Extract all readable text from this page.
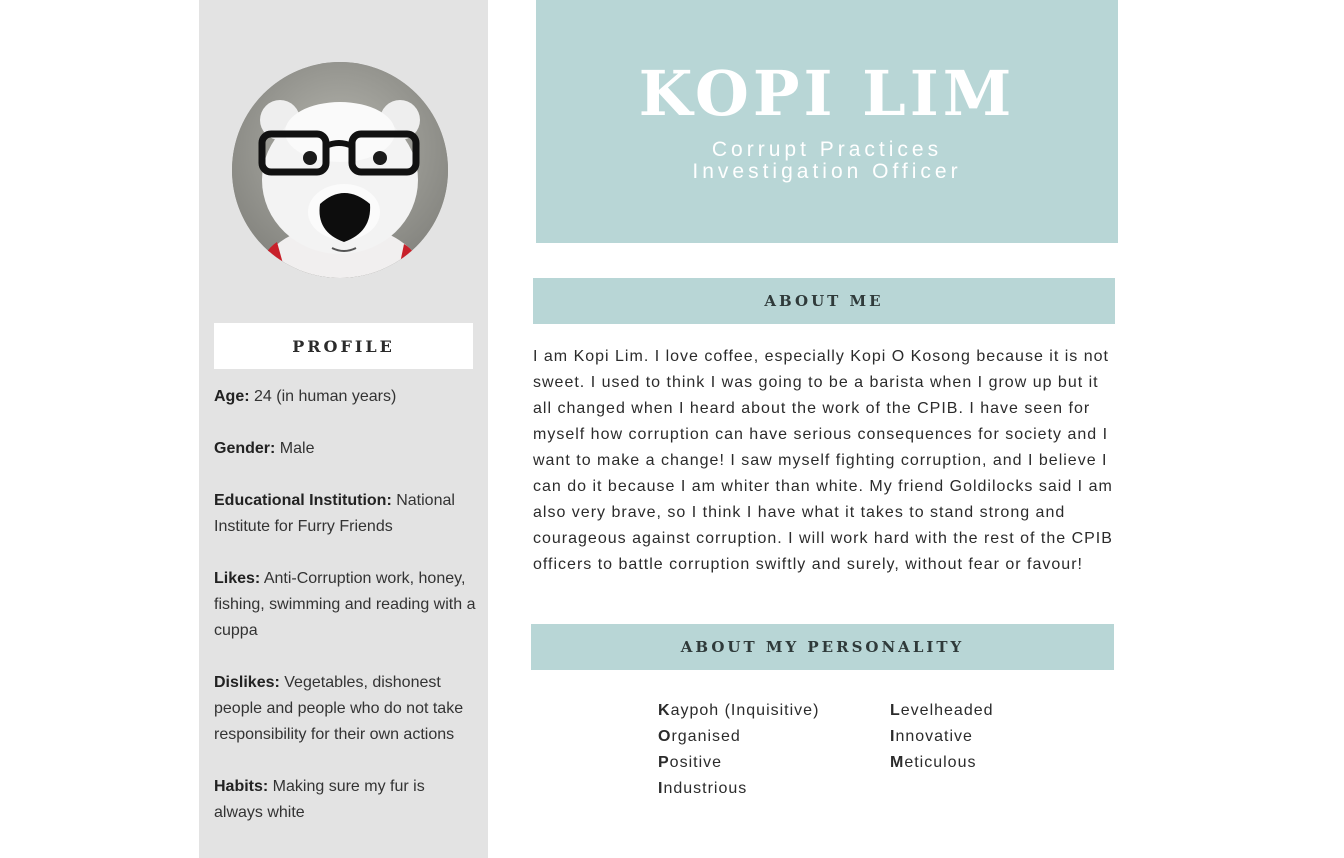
PROFILE
Age: 24 (in human years)
Gender: Male
Educational Institution: National Institute for Furry Friends
Likes: Anti-Corruption work, honey, fishing, swimming and reading with a cuppa
Dislikes: Vegetables, dishonest people and people who do not take responsibility for their own actions
Habits: Making sure my fur is always white
KOPI LIM
Corrupt Practices
Investigation Officer
ABOUT ME
I am Kopi Lim. I love coffee, especially Kopi O Kosong because it is not sweet. I used to think I was going to be a barista when I grow up but it all changed when I heard about the work of the CPIB. I have seen for myself how corruption can have serious consequences for society and I want to make a change! I saw myself fighting corruption, and I believe I can do it because I am whiter than white. My friend Goldilocks said I am also very brave, so I think I have what it takes to stand strong and courageous against corruption. I will work hard with the rest of the CPIB officers to battle corruption swiftly and surely, without fear or favour!
ABOUT MY PERSONALITY
Kaypoh (Inquisitive)
Organised
Positive
Industrious
Levelheaded
Innovative
Meticulous
